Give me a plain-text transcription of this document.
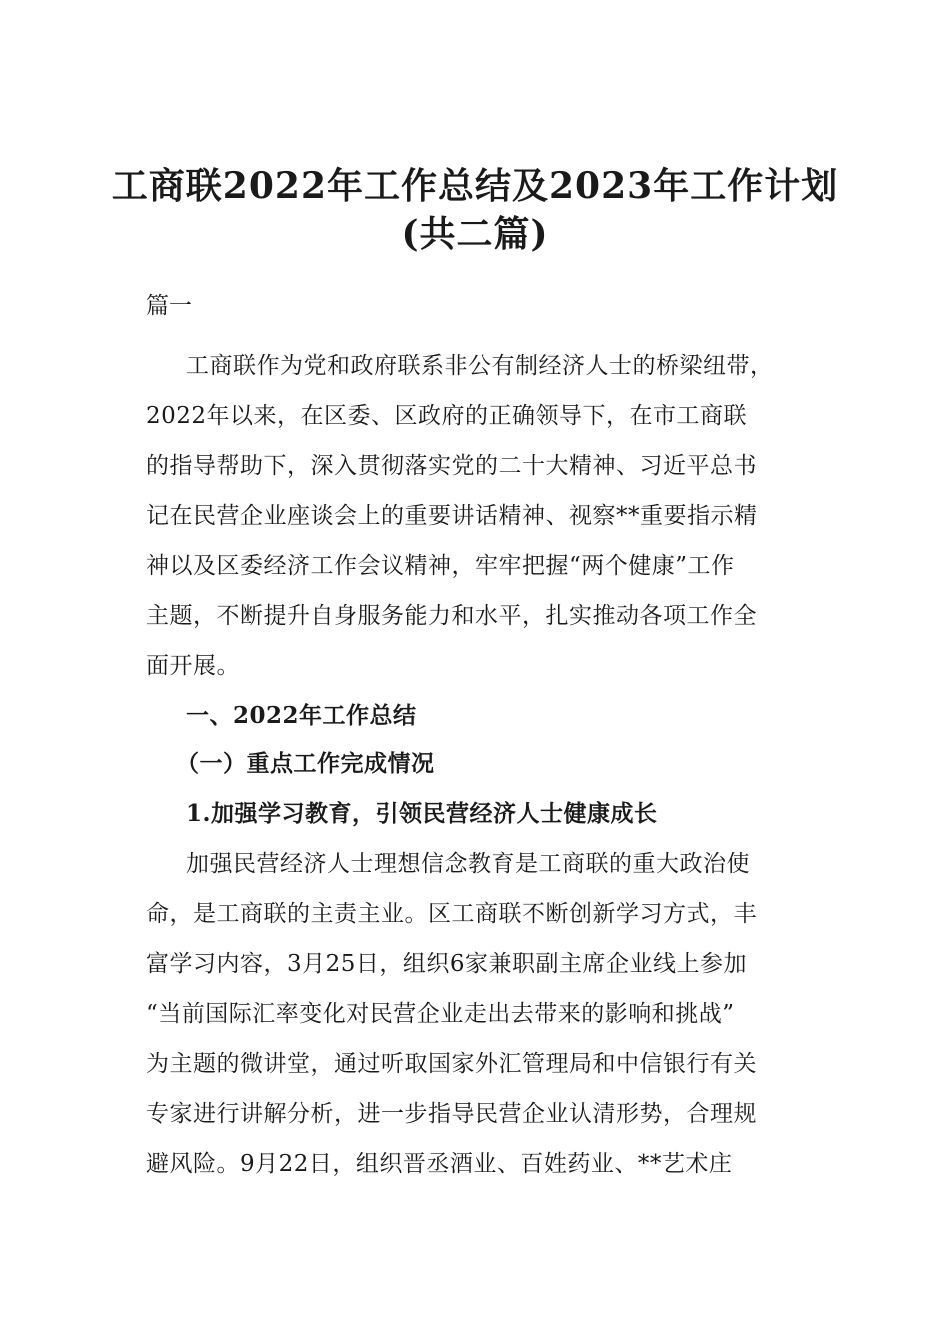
工商联2022年工作总结及2023年工作计划
(共二篇)
篇一
工商联作为党和政府联系非公有制经济人士的桥梁纽带，
2022年以来，在区委、区政府的正确领导下，在市工商联
的指导帮助下，深入贯彻落实党的二十大精神、习近平总书
记在民营企业座谈会上的重要讲话精神、视察**重要指示精
神以及区委经济工作会议精神，牢牢把握“两个健康”工作
主题，不断提升自身服务能力和水平，扎实推动各项工作全
面开展。
一、2022年工作总结
（一）重点工作完成情况
1.加强学习教育，引领民营经济人士健康成长
加强民营经济人士理想信念教育是工商联的重大政治使
命，是工商联的主责主业。区工商联不断创新学习方式，丰
富学习内容，3月25日，组织6家兼职副主席企业线上参加
“当前国际汇率变化对民营企业走出去带来的影响和挑战”
为主题的微讲堂，通过听取国家外汇管理局和中信银行有关
专家进行讲解分析，进一步指导民营企业认清形势，合理规
避风险。9月22日，组织晋丞酒业、百姓药业、**艺术庄
